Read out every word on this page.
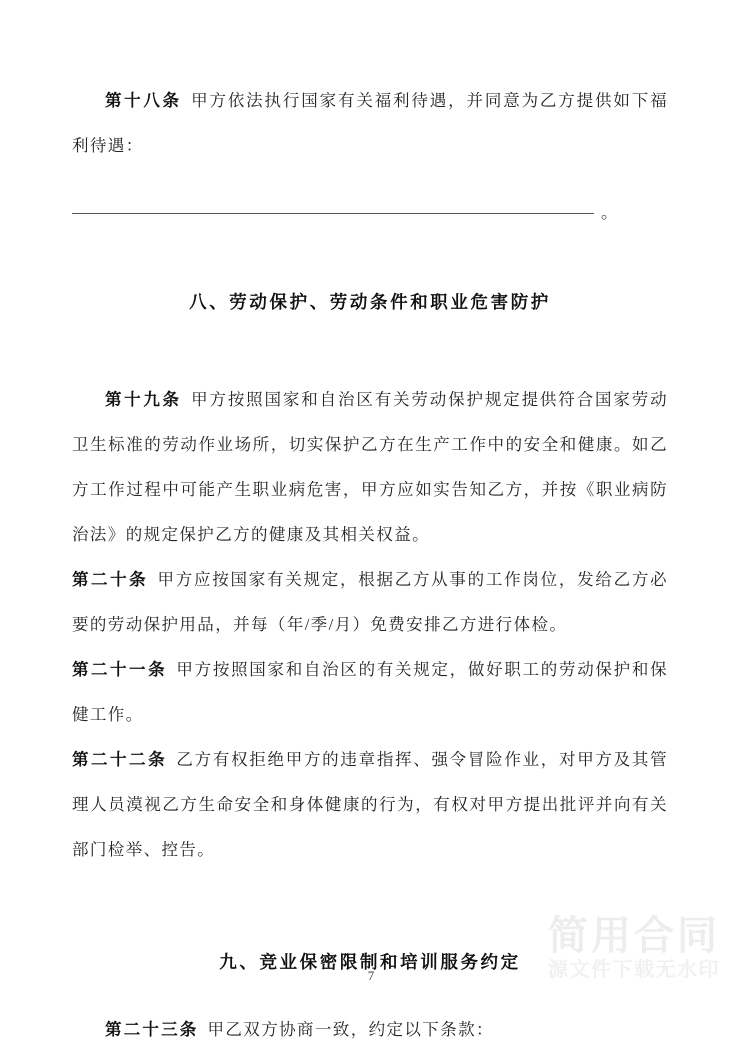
第十八条 甲方依法执行国家有关福利待遇，并同意为乙方提供如下福利待遇：

。
八、劳动保护、劳动条件和职业危害防护

第十九条 甲方按照国家和自治区有关劳动保护规定提供符合国家劳动卫生标准的劳动作业场所，切实保护乙方在生产工作中的安全和健康。如乙方工作过程中可能产生职业病危害，甲方应如实告知乙方，并按《职业病防治法》的规定保护乙方的健康及其相关权益。

第二十条 甲方应按国家有关规定，根据乙方从事的工作岗位，发给乙方必要的劳动保护用品，并每（年/季/月）免费安排乙方进行体检。

第二十一条 甲方按照国家和自治区的有关规定，做好职工的劳动保护和保健工作。

第二十二条 乙方有权拒绝甲方的违章指挥、强令冒险作业，对甲方及其管理人员漠视乙方生命安全和身体健康的行为，有权对甲方提出批评并向有关部门检举、控告。

九、竞业保密限制和培训服务约定

第二十三条 甲乙双方协商一致，约定以下条款：

简用合同
源文件下载无水印
7
